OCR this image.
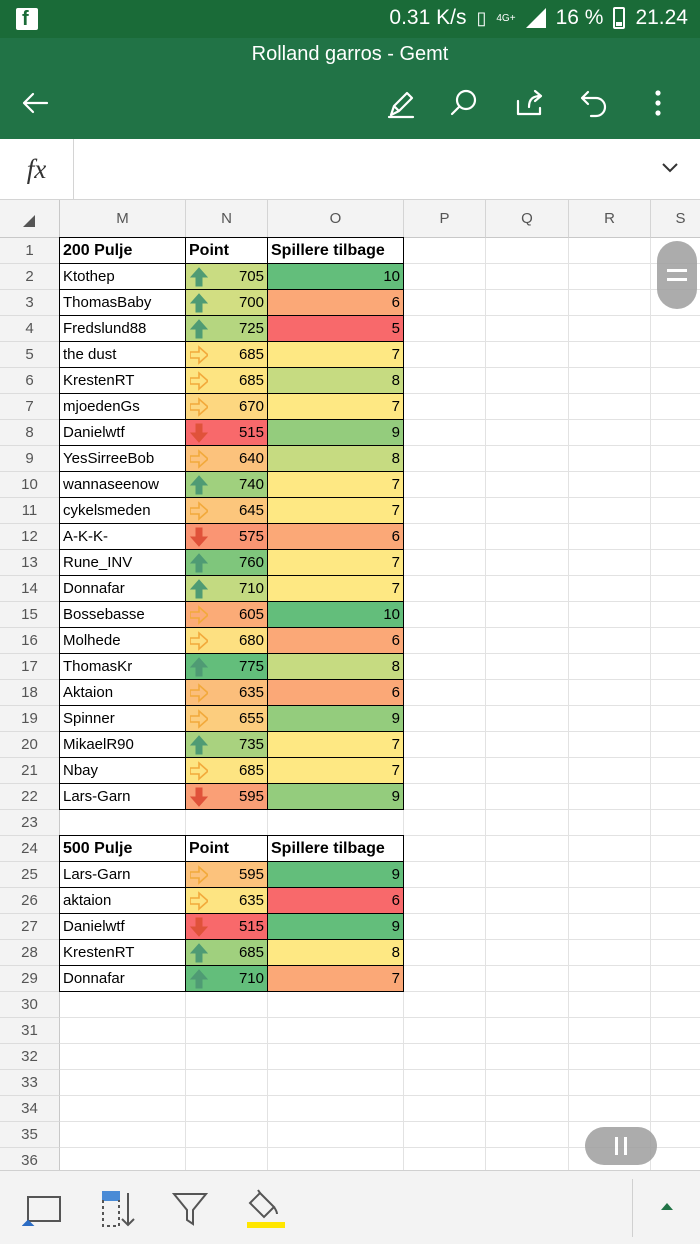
f	0.31 K/s ▯ 4G+ 16 % 21.24
Rolland garros - Gemt
fx
M	N	O	P	Q	R	S
1
2
3
4
5
6
7
8
9
10
11
12
13
14
15
16
17
18
19
20
21
22
23
24
25
26
27
28
29
30
31
32
33
34
35
36
200 Pulje	Point	Spillere tilbage
Ktothep	705	10
ThomasBaby	700	6
Fredslund88	725	5
the dust	685	7
KrestenRT	685	8
mjoedenGs	670	7
Danielwtf	515	9
YesSirreeBob	640	8
wannaseenow	740	7
cykelsmeden	645	7
A-K-K-	575	6
Rune_INV	760	7
Donnafar	710	7
Bossebasse	605	10
Molhede	680	6
ThomasKr	775	8
Aktaion	635	6
Spinner	655	9
MikaelR90	735	7
Nbay	685	7
Lars-Garn	595	9
500 Pulje	Point	Spillere tilbage
Lars-Garn	595	9
aktaion	635	6
Danielwtf	515	9
KrestenRT	685	8
Donnafar	710	7
